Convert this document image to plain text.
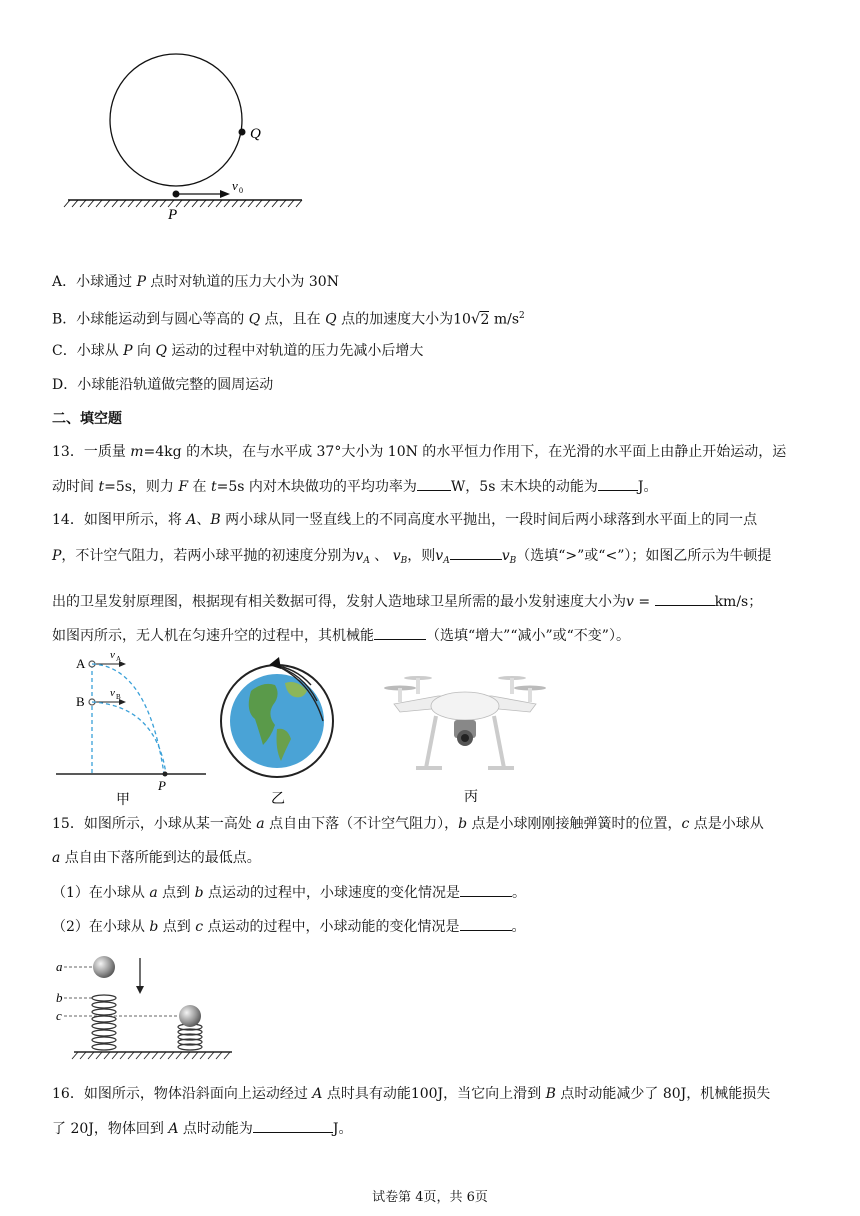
Q
P
v 0
A．小球通过 P 点时对轨道的压力大小为 30N
B．小球能运动到与圆心等高的 Q 点，且在 Q 点的加速度大小为10√2 $m/s^2$
C．小球从 P 向 Q 运动的过程中对轨道的压力先减小后增大
D．小球能沿轨道做完整的圆周运动
二、填空题
13．一质量 m=4kg 的木块，在与水平成 37°大小为 10N 的水平恒力作用下，在光滑的水平面上由静止开始运动，运
动时间 t=5s，则力 F 在 t=5s 内对木块做功的平均功率为 W，5s 末木块的动能为	J。
14．如图甲所示，将 A、B 两小球从同一竖直线上的不同高度水平抛出，一段时间后两小球落到水平面上的同一点
P，不计空气阻力，若两小球平抛的初速度分别为$v_A$ 、 $v_B$，则$v_A$	$v_B$（选填“>”或“<”）；如图乙所示为牛顿提
出的卫星发射原理图，根据现有相关数据可得，发射人造地球卫星所需的最小发射速度大小为v =	km/s；
如图丙所示，无人机在匀速升空的过程中，其机械能	（选填“增大”“减小”或“不变”）。
A
B
v A
v B
P
甲	乙	丙
15．如图所示，小球从某一高处 a 点自由下落（不计空气阻力），b 点是小球刚刚接触弹簧时的位置，c 点是小球从
a 点自由下落所能到达的最低点。
（1）在小球从 a 点到 b 点运动的过程中，小球速度的变化情况是	。
（2）在小球从 b 点到 c 点运动的过程中，小球动能的变化情况是	。
a
b
c
16．如图所示，物体沿斜面向上运动经过 A 点时具有动能100J，当它向上滑到 B 点时动能减少了 80J，机械能损失
了 20J，物体回到 A 点时动能为	J。
试卷第 4页，共 6页
